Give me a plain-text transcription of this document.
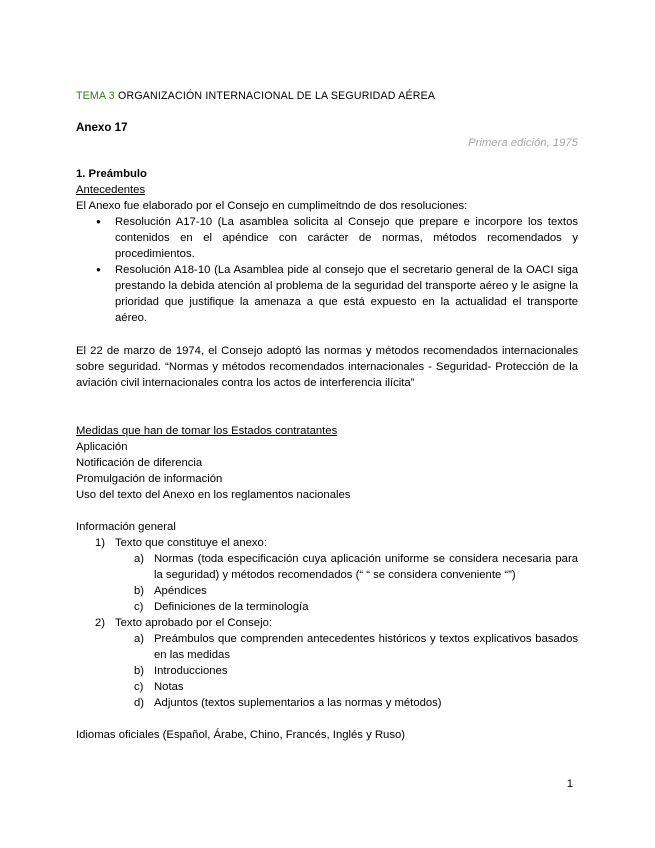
TEMA 3 ORGANIZACIÓN INTERNACIONAL DE LA SEGURIDAD AÉREA
Anexo 17
Primera edición, 1975
1. Preámbulo
Antecedentes
El Anexo fue elaborado por el Consejo en cumplimeitndo de dos resoluciones:
● Resolución A17-10 (La asamblea solicita al Consejo que prepare e incorpore los textos contenidos en el apéndice con carácter de normas, métodos recomendados y procedimientos.
● Resolución A18-10 (La Asamblea pide al consejo que el secretario general de la OACI siga prestando la debida atención al problema de la seguridad del transporte aéreo y le asigne la prioridad que justifique la amenaza a que está expuesto en la actualidad el transporte aéreo.
El 22 de marzo de 1974, el Consejo adoptó las normas y métodos recomendados internacionales sobre seguridad. “Normas y métodos recomendados internacionales - Seguridad- Protección de la aviación civil internacionales contra los actos de interferencia ilícita”
Medidas que han de tomar los Estados contratantes
Aplicación
Notificación de diferencia
Promulgación de información
Uso del texto del Anexo en los reglamentos nacionales
Información general
1) Texto que constituye el anexo:
a) Normas (toda especificación cuya aplicación uniforme se considera necesaria para la seguridad) y métodos recomendados (“ “ se considera conveniente “”)
b) Apéndices
c) Definiciones de la terminología
2) Texto aprobado por el Consejo:
a) Preámbulos que comprenden antecedentes históricos y textos explicativos basados en las medidas
b) Introducciones
c) Notas
d) Adjuntos (textos suplementarios a las normas y métodos)
Idiomas oficiales (Español, Árabe, Chino, Francés, Inglés y Ruso)
1
